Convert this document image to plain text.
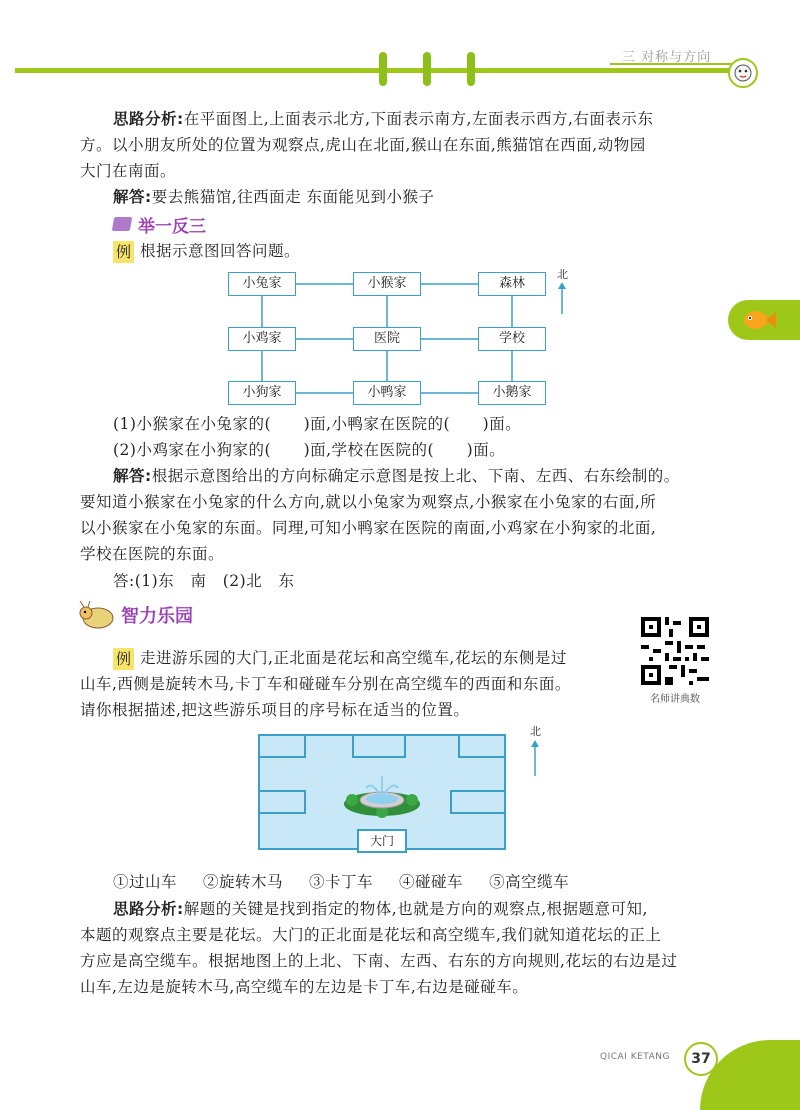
三 对称与方向
思路分析:在平面图上,上面表示北方,下面表示南方,左面表示西方,右面表示东
方。以小朋友所处的位置为观察点,虎山在北面,猴山在东面,熊猫馆在西面,动物园
大门在南面。
解答:要去熊猫馆,往西面走 东面能见到小猴子
举一反三
例 根据示意图回答问题。
小兔家	小猴家	森林
小鸡家	医院	学校
小狗家	小鸭家	小鹅家
北
(1)小猴家在小兔家的(      )面,小鸭家在医院的(      )面。
(2)小鸡家在小狗家的(      )面,学校在医院的(      )面。
解答:根据示意图给出的方向标确定示意图是按上北、下南、左西、右东绘制的。
要知道小猴家在小兔家的什么方向,就以小兔家为观察点,小猴家在小兔家的右面,所
以小猴家在小兔家的东面。同理,可知小鸭家在医院的南面,小鸡家在小狗家的北面,
学校在医院的东面。
答:(1)东   南   (2)北   东
智力乐园
例 走进游乐园的大门,正北面是花坛和高空缆车,花坛的东侧是过
山车,西侧是旋转木马,卡丁车和碰碰车分别在高空缆车的西面和东面。
请你根据描述,把这些游乐项目的序号标在适当的位置。
名师讲典数
大门
北
①过山车 ②旋转木马 ③卡丁车 ④碰碰车 ⑤高空缆车
思路分析:解题的关键是找到指定的物体,也就是方向的观察点,根据题意可知,
本题的观察点主要是花坛。大门的正北面是花坛和高空缆车,我们就知道花坛的正上
方应是高空缆车。根据地图上的上北、下南、左西、右东的方向规则,花坛的右边是过
山车,左边是旋转木马,高空缆车的左边是卡丁车,右边是碰碰车。
QICAI KETANG	37
